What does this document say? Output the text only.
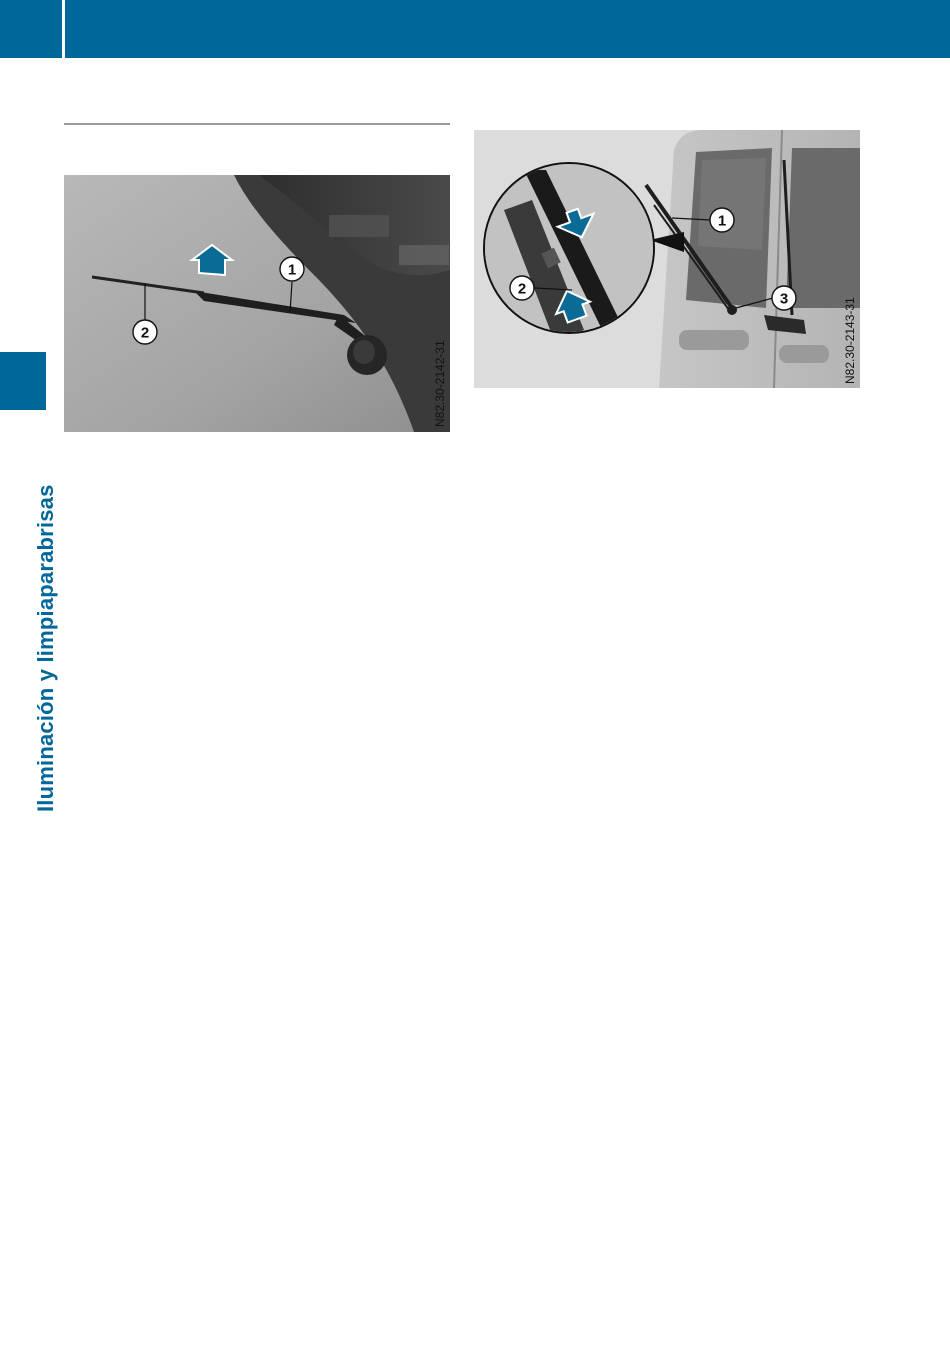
Iluminación y limpiaparabrisas
1
2
N82.30-2142-31
2
1
3	N82.30-2143-31
